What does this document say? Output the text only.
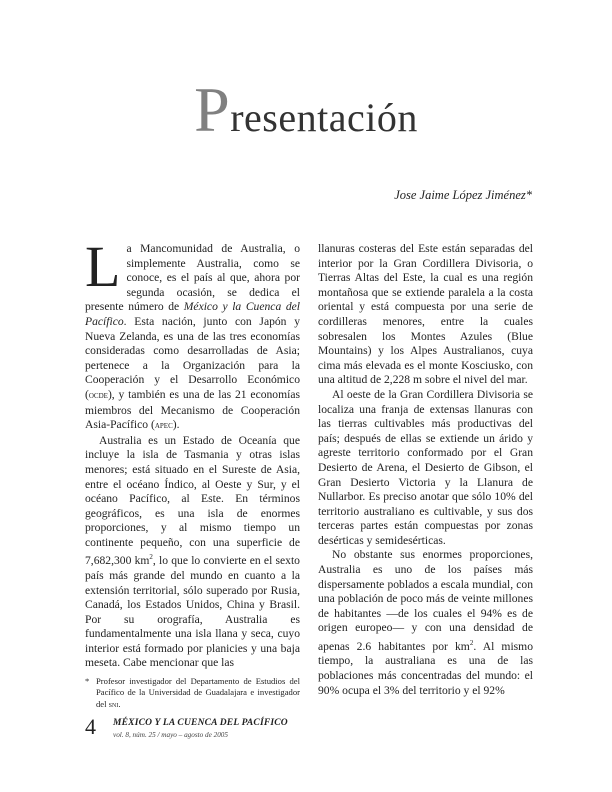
Presentación
Jose Jaime López Jiménez*

La Mancomunidad de Australia, o simplemente Australia, como se conoce, es el país al que, ahora por segunda ocasión, se dedica el presente número de México y la Cuenca del Pacífico. Esta nación, junto con Japón y Nueva Zelanda, es una de las tres economías consideradas como desarrolladas de Asia; pertenece a la Organización para la Cooperación y el Desarrollo Económico (ocde), y también es una de las 21 economías miembros del Mecanismo de Cooperación Asia-Pacífico (apec).

Australia es un Estado de Oceanía que incluye la isla de Tasmania y otras islas menores; está situado en el Sureste de Asia, entre el océano Índico, al Oeste y Sur, y el océano Pacífico, al Este. En términos geográficos, es una isla de enormes proporciones, y al mismo tiempo un continente pequeño, con una superficie de 7,682,300 $km^2$, lo que lo convierte en el sexto país más grande del mundo en cuanto a la extensión territorial, sólo superado por Rusia, Canadá, los Estados Unidos, China y Brasil. Por su orografía, Australia es fundamentalmente una isla llana y seca, cuyo interior está formado por planicies y una baja meseta. Cabe mencionar que las

llanuras costeras del Este están separadas del interior por la Gran Cordillera Divisoria, o Tierras Altas del Este, la cual es una región montañosa que se extiende paralela a la costa oriental y está compuesta por una serie de cordilleras menores, entre la cuales sobresalen los Montes Azules (Blue Mountains) y los Alpes Australianos, cuya cima más elevada es el monte Kosciusko, con una altitud de 2,228 m sobre el nivel del mar.

Al oeste de la Gran Cordillera Divisoria se localiza una franja de extensas llanuras con las tierras cultivables más productivas del país; después de ellas se extiende un árido y agreste territorio conformado por el Gran Desierto de Arena, el Desierto de Gibson, el Gran Desierto Victoria y la Llanura de Nullarbor. Es preciso anotar que sólo 10% del territorio australiano es cultivable, y sus dos terceras partes están compuestas por zonas desérticas y semidesérticas.

No obstante sus enormes proporciones, Australia es uno de los países más dispersamente poblados a escala mundial, con una población de poco más de veinte millones de habitantes —de los cuales el 94% es de origen europeo— y con una densidad de apenas 2.6 habitantes por $km^2$. Al mismo tiempo, la australiana es una de las poblaciones más concentradas del mundo: el 90% ocupa el 3% del territorio y el 92%

* Profesor investigador del Departamento de Estudios del Pacífico de la Universidad de Guadalajara e investigador del sni.
4 MÉXICO Y LA CUENCA DEL PACÍFICO
vol. 8, núm. 25 / mayo – agosto de 2005
